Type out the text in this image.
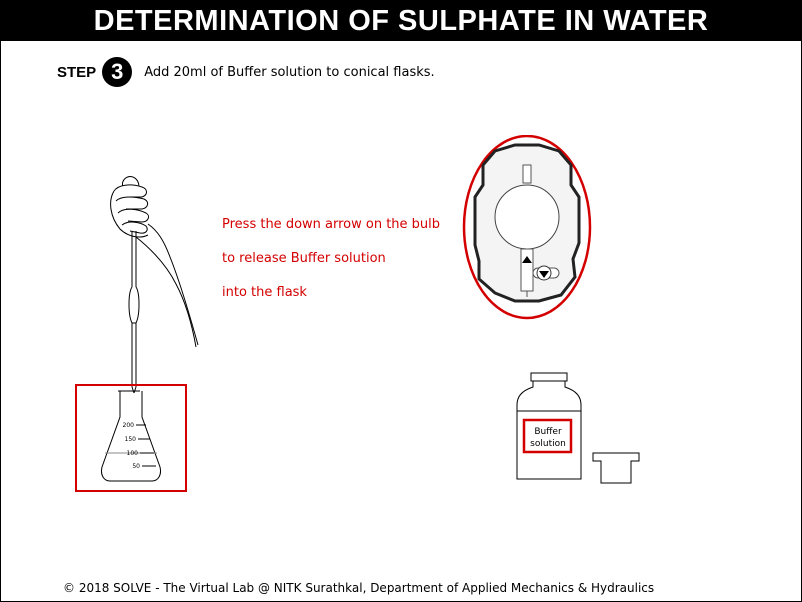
DETERMINATION OF SULPHATE IN WATER
STEP 3	Add 20ml of Buffer solution to conical flasks.
Press the down arrow on the bulb
to release Buffer solution
into the flask
200
150
100
50
Buffer
solution
© 2018 SOLVE - The Virtual Lab @ NITK Surathkal, Department of Applied Mechanics & Hydraulics
